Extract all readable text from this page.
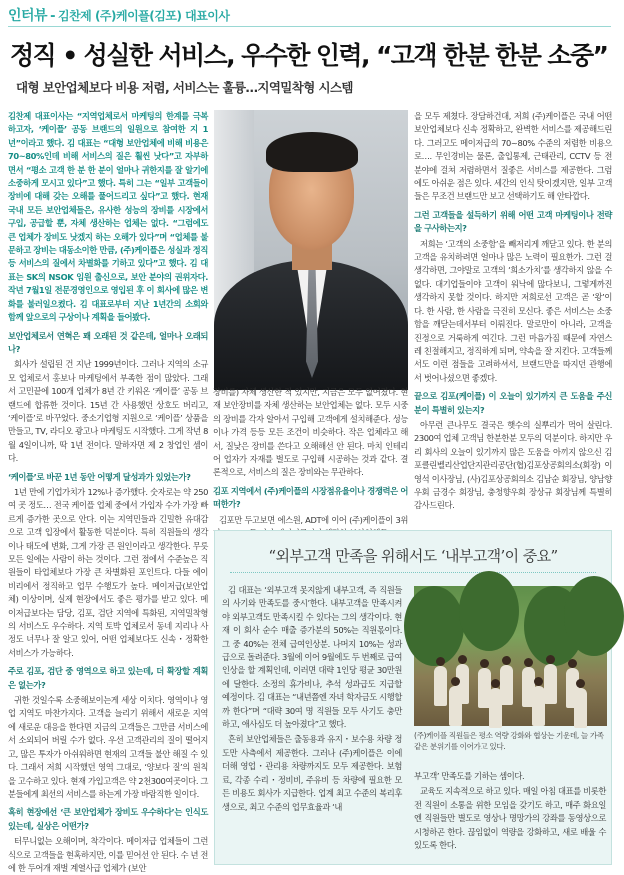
인터뷰 - 김찬제 (주)케이플(김포) 대표이사
정직 • 성실한 서비스, 우수한 인력, “고객 한분 한분 소중”
대형 보안업체보다 비용 저렴, 서비스는 훌륭…지역밀착형 시스템

김찬제 대표이사는 “지역업체로서 마케팅의 한계를 극복하고자, ‘케이플’ 공동 브랜드의 일원으로 참여한 지 1년”이라고 했다. 김 대표는 “대형 보안업체에 비해 비용은 70~80%인데 비해 서비스의 질은 훨씬 낫다”고 자부하면서 “평소 고객 한 분 한 분이 얼마나 귀한지를 잘 알기에 소중하게 모시고 있다”고 했다. 특히 그는 “일부 고객들이 장비에 대해 갖는 오해를 풀어드리고 싶다”고 했다. 현재 국내 모든 보안업체들은, 유사한 성능의 장비를 시장에서 구입, 공급할 뿐, 자체 생산하는 업체는 없다. “그럼에도 큰 업체가 장비도 낫겠지 하는 오해가 있다”며 “업체를 불문하고 장비는 대동소이한 만큼, (주)케이플은 성실과 정직 등 서비스의 질에서 차별화를 기하고 있다”고 했다. 김 대표는 SK의 NSOK 임원 출신으로, 보안 분야의 권위자다. 작년 7월1일 전문경영인으로 영입된 후 이 회사에 많은 변화를 불러일으켰다. 김 대표로부터 지난 1년간의 소회와 함께 앞으로의 구상이나 계획을 들어봤다.

보안업체로서 연혁은 꽤 오래된 것 같은데, 얼마나 오래되나?

회사가 설립된 건 지난 1999년이다. 그러나 지역의 소규모 업체로서 홍보나 마케팅에서 부족한 점이 많았다. 그래서 고민끝에 100개 업체가 8년 간 키워온 ‘케이플’ 공동 브랜드에 합류한 것이다. 15년 간 사용했던 상호도 버리고, ‘케이플’로 바꾸었다. 중소기업형 지원으로 ‘케이플’ 상품을 만들고, TV, 라디오 광고나 마케팅도 시작했다. 그게 작년 8월 4일이니까, 딱 1년 전이다. 말하자면 제 2 창업인 셈이다.

‘케이플’로 바꾼 1년 동안 어떻게 달성과가 있었는가?

1년 만에 기업가치가 12%나 증가했다. 숫자로는 약 250여 곳 정도… 전국 케이플 업체 중에서 가입자 수가 가장 빠르게 증가한 곳으로 안다. 이는 지역민들과 긴밀한 유대감으로 고객 입장에서 활동한 덕분이다. 특히 직원들의 생각이나 태도에 변화, 그게 가장 큰 원인이라고 생각한다. 무릇 모든 일에는 사람이 하는 것이다. 그런 점에서 수준높은 직원들이 타업체보다 가장 큰 차별화된 포인트다. 다들 에이비리에서 정직하고 업무 수행도가 높다. 메이저급(보안업체) 이상이며, 실제 현장에서도 좋은 평가를 받고 있다. 메이저급보다는 담당, 김포, 검단 지역에 특화된, 지역밀착형의 서비스도 우수하다. 지역 토박 업체로서 동네 지리나 사정도 너무나 잘 알고 있어, 어떤 업체보다도 신속・정확한 서비스가 가능하다.

주로 김포, 검단 중 영역으로 하고 있는데, 더 확장할 계획은 없는가?

귀한 것일수록 소중해보이는게 세상 이치다. 영역이나 영업 지역도 마찬가지다. 고객을 늘리기 위해서 새로운 지역에 새로운 대응을 한다면 지금의 고객들은 그만큼 서비스에서 소외되어 버릴 수가 없다. 우선 고객관리의 질이 떨어지고, 많은 투자가 아쉬워하면 현재의 고객들 불안 해질 수 있다. 그래서 저희 시작했던 영역 그대로, ‘양보다 질’의 원칙을 고수하고 있다. 현재 가입고객은 약 2천300여곳이다. 그분들에게 최선의 서비스를 하는게 가장 바람직한 일이다.

혹히 현장에선 ‘큰 보안업체가 장비도 우수하다’는 인식도 있는데, 실상은 어떤가?

터무니없는 오해이며, 착각이다. 메이저급 업체들이 그런 식으로 고객들을 현혹하지만, 이를 믿어선 안 된다. 수 년 전에 한 두어개 재벌 계열사급 업체가 (보안

장비를) 자체 생산한 적 있지만, 지금은 모두 없어졌다. 현재 보안장비를 자체 생산하는 보안업체는 없다. 모두 시중의 장비를 각자 알아서 구입해 고객에게 설치해준다. 성능이나 가격 등등 모든 조건이 비슷하다. 작은 업체라고 해서, 질낮은 장비를 쓴다고 오해해선 안 된다. 마치 인테리어 업자가 자재를 벌도로 구입해 시공하는 것과 같다. 결론적으로, 서비스의 질은 장비와는 무관하다.

김포 지역에서 (주)케이플의 시장점유율이나 경쟁력은 어떠한가?

김포만 두고보면 에스원, ADT에 이어 (주)케이플이 3위

을 모두 제쳤다. 장담하건대, 저희 (주)케이플은 국내 어떤 보안업체보다 신속 정확하고, 완벽한 서비스를 제공해드린다. 그러고도 메이저급의 70~80% 수준의 저렴한 비용으로…. 무인경비는 물론, 출입통제, 근태관리, CCTV 등 전 분야에 걸쳐 저렴하면서 질좋은 서비스를 제공한다. 그럼에도 아쉬운 점은 있다. 세간의 인식 탓이겠지만, 일부 고객들은 무조건 브랜드만 보고 선택하기도 해 안타깝다.

그런 고객들을 설득하기 위해 어떤 고객 마케팅이나 전략을 구사하는지?

저희는 ‘고객의 소중함’을 빼저리게 깨닫고 있다. 한 분의 고객을 유치하려면 얼마나 많은 노력이 필요한가. 그런 걸 생각하면, 그야말로 고객의 ‘희소가치’를 생각하지 않을 수 없다. 대기업들이야 고객이 워낙에 많다보니, 그렇게까진 생각하지 못할 것이다. 하지만 저희로선 고객은 곧 ‘왕’이다. 한 사람, 한 사람을 극진히 모신다. 좋은 서비스는 소중함을 깨닫는데서부터 이뤄진다. 말로만이 아니라, 고객을 진정으로 거룩하게 여긴다. 그런 마음가짐 때문에 자연스레 친절해지고, 정직하게 되며, 약속을 잘 지킨다. 고객들께서도 이런 점들을 고려하셔서, 브랜드만을 따지던 관행에서 벗어나셨으면 좋겠다.

끝으로 김포(케이플) 이 오늘이 있기까지 큰 도움을 주신분이 특별히 있는지?

아무런 큰나무도 결국은 햇수의 실뿌리가 먹어 살린다. 2300여 업체 고객님 한분한분 모두의 덕분이다. 하지만 우리 회사의 오늘이 있기까지 많은 도움을 아끼지 않으신 김포클린벨리산업단지관리공단(협)김포상공회의소(회장) 이영석 이사장님, (사)김포상공회의소 김남순 회장님, 양남향우회 금경수 회장님, 충청향우회 장상규 회장님께 특별히 감사드린다.

“외부고객 만족을 위해서도 ‘내부고객’이 중요”

김 대표는 ‘외부고객 못지않게 내부고객, 즉 직원들의 사기와 만족도를 중시’한다. 내부고객을 만족시켜야 외부고객도 만족시킬 수 있다는 그의 생각이다. 현재 이 회사 순수 매출 증가분의 50%는 직원몫이다. 그 중 40%는 전체 급여인상분. 나머지 10%는 성과급으로 돌려준다. 3월에 이어 9월에도 두 번째로 급여인상을 할 계획인데, 이러면 대략 1인당 평균 30만원에 달한다. 소정의 휴가비나, 추석 성과급도 지급할 예정이다. 김 대표는 “내년쯤엔 자녀 학자금도 시행할까 한다”며 “대략 30여 명 직원들 모두 사기도 충만하고, 애사심도 더 높아졌다”고 했다.

흔히 보안업체들은 출동용과 유지・보수용 차량 정도만 사측에서 제공한다. 그러나 (주)케이플은 이에 더해 영업・관리용 차량까지도 모두 제공한다. 보험료, 각종 수리・정비비, 주유비 등 차량에 필요한 모든 비용도 회사가 지급한다. 업계 최고 수준의 복리후생으로, 최고 수준의 업무효율과 ‘내

(주)케이플 직원들은 평소 역량 강화와 협상는 기운데, 늘 가족같은 분위기를 이어가고 있다.

부고객’ 만족도를 기하는 셈이다.

교육도 지속적으로 하고 있다. 매일 아침 대표를 비롯한 전 직원이 소통을 위한 모임을 갖기도 하고, 매주 화요일엔 직원들만 별도로 영상나 명망가의 강좌를 동영상으로 시청하곤 한다. 끊임없이 역량을 강화하고, 새로 배울 수 있도록 한다.
